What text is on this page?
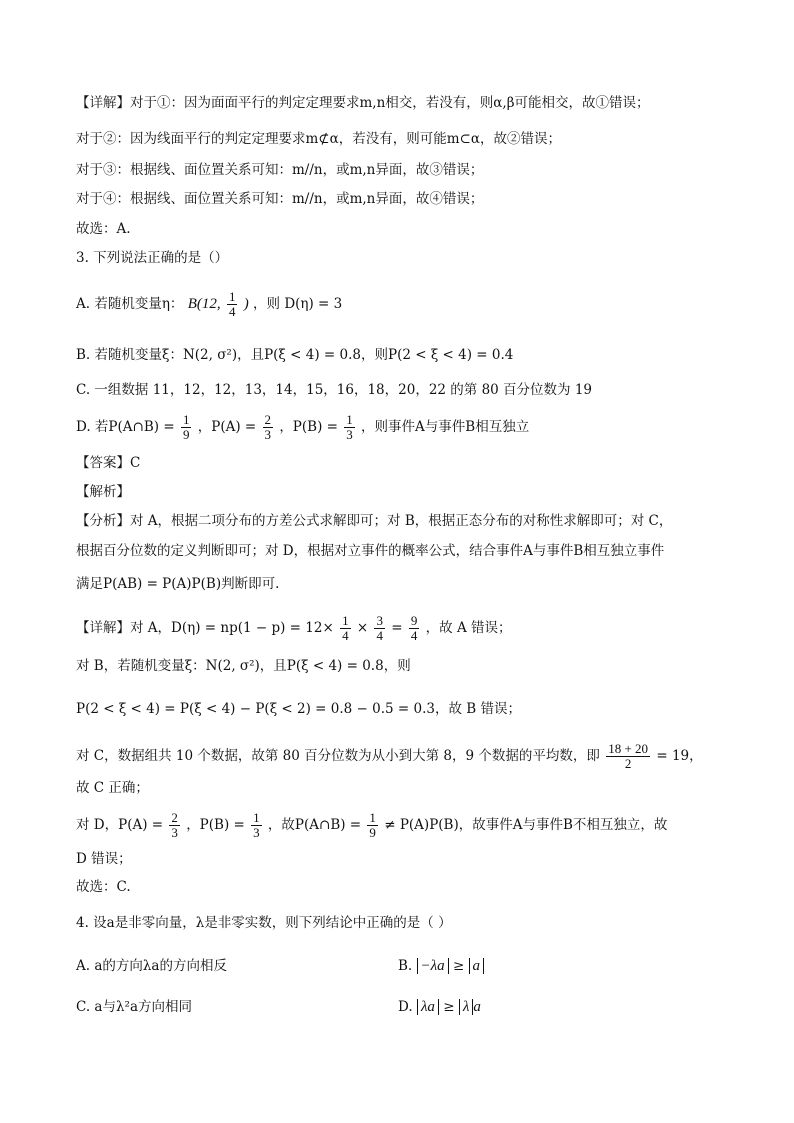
【详解】对于①：因为面面平行的判定定理要求m,n相交，若没有，则α,β可能相交，故①错误；
对于②：因为线面平行的判定定理要求m⊄α，若没有，则可能m⊂α，故②错误；
对于③：根据线、面位置关系可知：m//n，或m,n异面，故③错误；
对于④：根据线、面位置关系可知：m//n，或m,n异面，故④错误；
故选：A.
3. 下列说法正确的是（）
A. 若随机变量η： B(12, $\frac{1}{4}$ ) ，则 D(η) = 3
B. 若随机变量ξ：N(2, σ²)，且P(ξ < 4) = 0.8，则P(2 < ξ < 4) = 0.4
C. 一组数据 11，12，12，13，14，15，16，18，20，22 的第 80 百分位数为 19
D. 若P(A∩B) = $\frac{1}{9}$ ，$P(A) = \frac{2}{3}$ ，$P(B) = \frac{1}{3}$ ，则事件A与事件B相互独立
【答案】C
【解析】
【分析】对 A，根据二项分布的方差公式求解即可；对 B，根据正态分布的对称性求解即可；对 C，
根据百分位数的定义判断即可；对 D，根据对立事件的概率公式，结合事件A与事件B相互独立事件
满足P(AB) = P(A)P(B)判断即可.
【详解】对 A，$D(\eta) = np(1 - p) = 12\times \frac{1}{4} \times \frac{3}{4} = \frac{9}{4}$ ，故 A 错误；
对 B，若随机变量ξ：N(2, σ²)，且P(ξ < 4) = 0.8，则
P(2 < ξ < 4) = P(ξ < 4) − P(ξ < 2) = 0.8 − 0.5 = 0.3，故 B 错误；
对 C，数据组共 10 个数据，故第 80 百分位数为从小到大第 8，9 个数据的平均数，即 $\frac{18 + 20}{2} = 19$，
故 C 正确；
对 D，$P(A) = \frac{2}{3}$ ，$P(B) = \frac{1}{3}$ ，故P(A∩B) = $\frac{1}{9} \ne P(A)P(B)$，故事件A与事件B不相互独立，故
D 错误；
故选：C.
4. 设a是非零向量，λ是非零实数，则下列结论中正确的是（ ）
A. a的方向λa的方向相反	B. −λa ≥ a
C. a与λ²a方向相同	D. λa ≥ λ a
